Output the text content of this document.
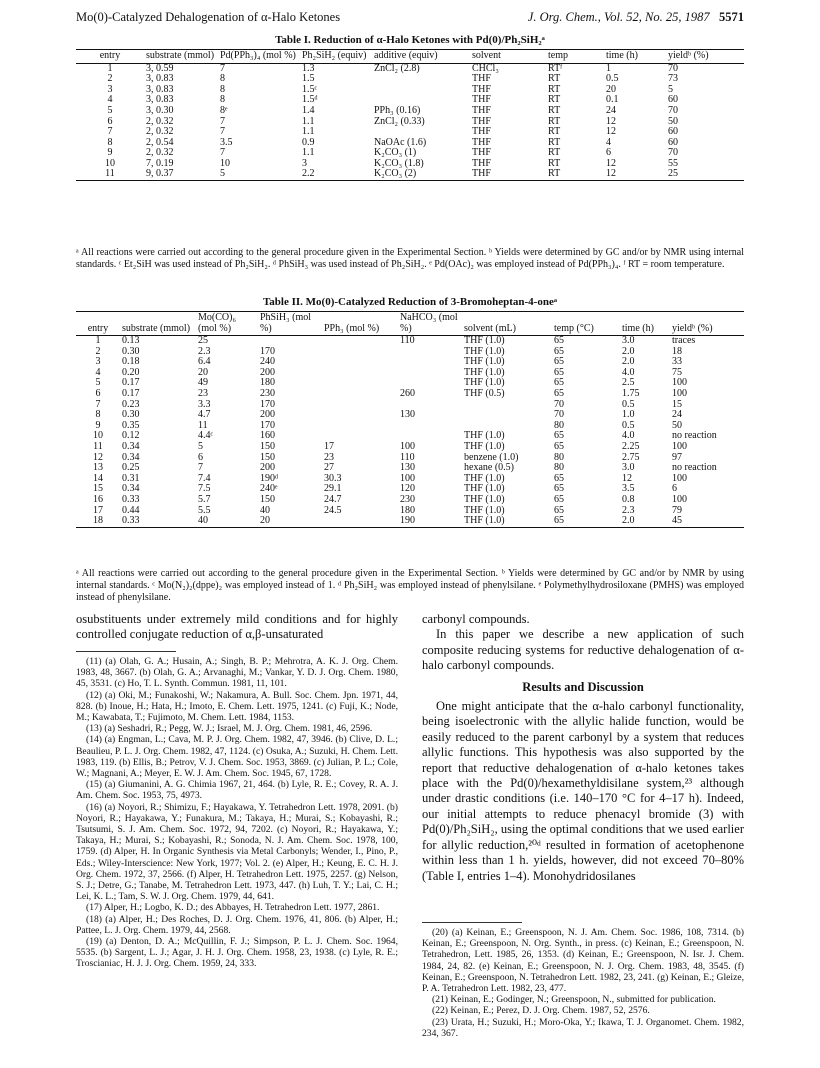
Mo(0)-Catalyzed Dehalogenation of α-Halo Ketones	J. Org. Chem., Vol. 52, No. 25, 1987 5571
Table I. Reduction of α-Halo Ketones with Pd(0)/Ph₂SiH₂ᵃ

entry	substrate (mmol)	Pd(PPh₃)₄ (mol %)	Ph₂SiH₂ (equiv)	additive (equiv)	solvent	temp	time (h)	yieldᵇ (%)
1	3, 0.59	7	1.3	ZnCl₂ (2.8)	CHCl₃	RTᶠ	1	70
2	3, 0.83	8	1.5		THF	RT	0.5	73
3	3, 0.83	8	1.5ᶜ		THF	RT	20	5
4	3, 0.83	8	1.5ᵈ		THF	RT	0.1	60
5	3, 0.30	8ᵉ	1.4	PPh₃ (0.16)	THF	RT	24	70
6	2, 0.32	7	1.1	ZnCl₂ (0.33)	THF	RT	12	50
7	2, 0.32	7	1.1		THF	RT	12	60
8	2, 0.54	3.5	0.9	NaOAc (1.6)	THF	RT	4	60
9	2, 0.32	7	1.1	K₂CO₃ (1)	THF	RT	6	70
10	7, 0.19	10	3	K₂CO₃ (1.8)	THF	RT	12	55
11	9, 0.37	5	2.2	K₂CO₃ (2)	THF	RT	12	25
ᵃ All reactions were carried out according to the general procedure given in the Experimental Section. ᵇ Yields were determined by GC and/or by NMR using internal standards. ᶜ Et₂SiH was used instead of Ph₂SiH₂. ᵈ PhSiH₃ was used instead of Ph₂SiH₂. ᵉ Pd(OAc)₂ was employed instead of Pd(PPh₃)₄. ᶠ RT = room temperature.
Table II. Mo(0)-Catalyzed Reduction of 3-Bromoheptan-4-oneᵃ

entry	substrate (mmol)	Mo(CO)₆ (mol %)	PhSiH₃ (mol %)	PPh₃ (mol %)	NaHCO₃ (mol %)	solvent (mL)	temp (°C)	time (h)	yieldᵇ (%)
1	0.13	25			110	THF (1.0)	65	3.0	traces
2	0.30	2.3	170			THF (1.0)	65	2.0	18
3	0.18	6.4	240			THF (1.0)	65	2.0	33
4	0.20	20	200			THF (1.0)	65	4.0	75
5	0.17	49	180			THF (1.0)	65	2.5	100
6	0.17	23	230		260	THF (0.5)	65	1.75	100
7	0.23	3.3	170				70	0.5	15
8	0.30	4.7	200		130		70	1.0	24
9	0.35	11	170				80	0.5	50
10	0.12	4.4ᶜ	160			THF (1.0)	65	4.0	no reaction
11	0.34	5	150	17	100	THF (1.0)	65	2.25	100
12	0.34	6	150	23	110	benzene (1.0)	80	2.75	97
13	0.25	7	200	27	130	hexane (0.5)	80	3.0	no reaction
14	0.31	7.4	190ᵈ	30.3	100	THF (1.0)	65	12	100
15	0.34	7.5	240ᵉ	29.1	120	THF (1.0)	65	3.5	6
16	0.33	5.7	150	24.7	230	THF (1.0)	65	0.8	100
17	0.44	5.5	40	24.5	180	THF (1.0)	65	2.3	79
18	0.33	40	20		190	THF (1.0)	65	2.0	45
ᵃ All reactions were carried out according to the general procedure given in the Experimental Section. ᵇ Yields were determined by GC and/or by NMR by using internal standards. ᶜ Mo(N₂)₂(dppe)₂ was employed instead of 1. ᵈ Ph₂SiH₂ was employed instead of phenylsilane. ᵉ Polymethylhydrosiloxane (PMHS) was employed instead of phenylsilane.

osubstituents under extremely mild conditions and for highly controlled conjugate reduction of α,β-unsaturated

(11) (a) Olah, G. A.; Husain, A.; Singh, B. P.; Mehrotra, A. K. J. Org. Chem. 1983, 48, 3667. (b) Olah, G. A.; Arvanaghi, M.; Vankar, Y. D. J. Org. Chem. 1980, 45, 3531. (c) Ho, T. L. Synth. Commun. 1981, 11, 101.

(12) (a) Oki, M.; Funakoshi, W.; Nakamura, A. Bull. Soc. Chem. Jpn. 1971, 44, 828. (b) Inoue, H.; Hata, H.; Imoto, E. Chem. Lett. 1975, 1241. (c) Fuji, K.; Node, M.; Kawabata, T.; Fujimoto, M. Chem. Lett. 1984, 1153.

(13) (a) Seshadri, R.; Pegg, W. J.; Israel, M. J. Org. Chem. 1981, 46, 2596.

(14) (a) Engman, L.; Cava, M. P. J. Org. Chem. 1982, 47, 3946. (b) Clive, D. L.; Beaulieu, P. L. J. Org. Chem. 1982, 47, 1124. (c) Osuka, A.; Suzuki, H. Chem. Lett. 1983, 119. (b) Ellis, B.; Petrov, V. J. Chem. Soc. 1953, 3869. (c) Julian, P. L.; Cole, W.; Magnani, A.; Meyer, E. W. J. Am. Chem. Soc. 1945, 67, 1728.

(15) (a) Giumanini, A. G. Chimia 1967, 21, 464. (b) Lyle, R. E.; Covey, R. A. J. Am. Chem. Soc. 1953, 75, 4973.

(16) (a) Noyori, R.; Shimizu, F.; Hayakawa, Y. Tetrahedron Lett. 1978, 2091. (b) Noyori, R.; Hayakawa, Y.; Funakura, M.; Takaya, H.; Murai, S.; Kobayashi, R.; Tsutsumi, S. J. Am. Chem. Soc. 1972, 94, 7202. (c) Noyori, R.; Hayakawa, Y.; Takaya, H.; Murai, S.; Kobayashi, R.; Sonoda, N. J. Am. Chem. Soc. 1978, 100, 1759. (d) Alper, H. In Organic Synthesis via Metal Carbonyls; Wender, I., Pino, P., Eds.; Wiley-Interscience: New York, 1977; Vol. 2. (e) Alper, H.; Keung, E. C. H. J. Org. Chem. 1972, 37, 2566. (f) Alper, H. Tetrahedron Lett. 1975, 2257. (g) Nelson, S. J.; Detre, G.; Tanabe, M. Tetrahedron Lett. 1973, 447. (h) Luh, T. Y.; Lai, C. H.; Lei, K. L.; Tam, S. W. J. Org. Chem. 1979, 44, 641.

(17) Alper, H.; Logbo, K. D.; des Abbayes, H. Tetrahedron Lett. 1977, 2861.

(18) (a) Alper, H.; Des Roches, D. J. Org. Chem. 1976, 41, 806. (b) Alper, H.; Pattee, L. J. Org. Chem. 1979, 44, 2568.

(19) (a) Denton, D. A.; McQuillin, F. J.; Simpson, P. L. J. Chem. Soc. 1964, 5535. (b) Sargent, L. J.; Agar, J. H. J. Org. Chem. 1958, 23, 1938. (c) Lyle, R. E.; Troscianiac, H. J. J. Org. Chem. 1959, 24, 333.

carbonyl compounds.

In this paper we describe a new application of such composite reducing systems for reductive dehalogenation of α-halo carbonyl compounds.

Results and Discussion

One might anticipate that the α-halo carbonyl functionality, being isoelectronic with the allylic halide function, would be easily reduced to the parent carbonyl by a system that reduces allylic functions. This hypothesis was also supported by the report that reductive dehalogenation of α-halo ketones takes place with the Pd(0)/hexamethyldisilane system,²³ although under drastic conditions (i.e. 140–170 °C for 4–17 h). Indeed, our initial attempts to reduce phenacyl bromide (3) with Pd(0)/Ph₂SiH₂, using the optimal conditions that we used earlier for allylic reduction,²⁰ᵈ resulted in formation of acetophenone within less than 1 h. yields, however, did not exceed 70–80% (Table I, entries 1–4). Monohydridosilanes

(20) (a) Keinan, E.; Greenspoon, N. J. Am. Chem. Soc. 1986, 108, 7314. (b) Keinan, E.; Greenspoon, N. Org. Synth., in press. (c) Keinan, E.; Greenspoon, N. Tetrahedron, Lett. 1985, 26, 1353. (d) Keinan, E.; Greenspoon, N. Isr. J. Chem. 1984, 24, 82. (e) Keinan, E.; Greenspoon, N. J. Org. Chem. 1983, 48, 3545. (f) Keinan, E.; Greenspoon, N. Tetrahedron Lett. 1982, 23, 241. (g) Keinan, E.; Gleize, P. A. Tetrahedron Lett. 1982, 23, 477.

(21) Keinan, E.; Godinger, N.; Greenspoon, N., submitted for publication.

(22) Keinan, E.; Perez, D. J. Org. Chem. 1987, 52, 2576.

(23) Urata, H.; Suzuki, H.; Moro-Oka, Y.; Ikawa, T. J. Organomet. Chem. 1982, 234, 367.
